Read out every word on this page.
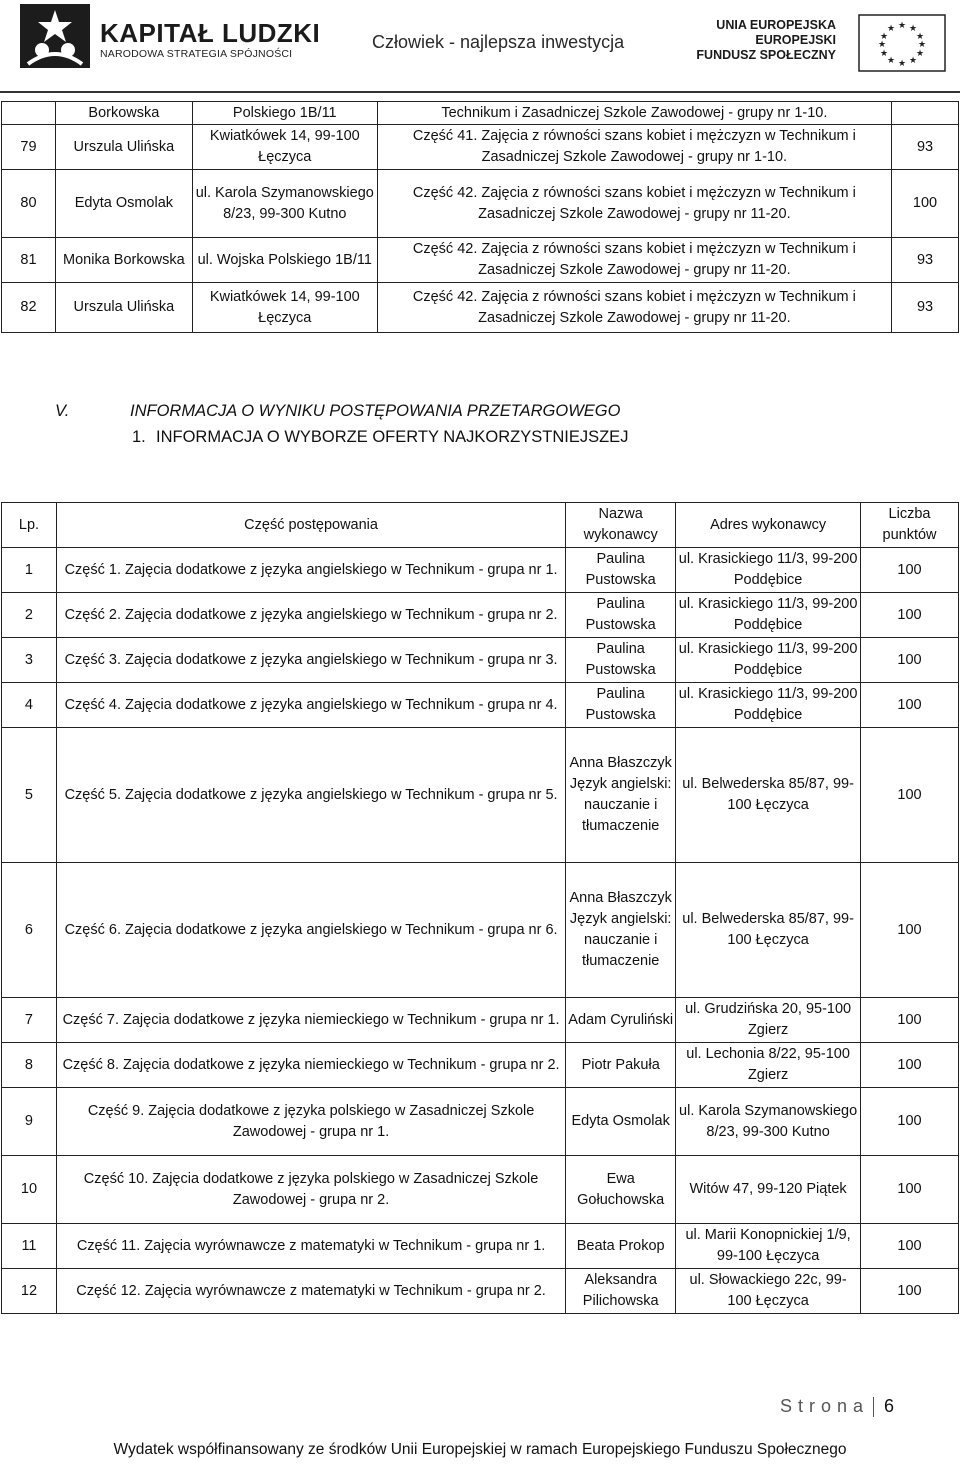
KAPITAŁ LUDZKI
NARODOWA STRATEGIA SPÓJNOŚCI
Człowiek - najlepsza inwestycja
UNIA EUROPEJSKA
EUROPEJSKI
FUNDUSZ SPOŁECZNY
★ ★
★
★
★
★
★
★
★
★
★
★
	Borkowska	Polskiego 1B/11	Technikum i Zasadniczej Szkole Zawodowej - grupy nr 1-10.	
79	Urszula Ulińska	Kwiatkówek 14, 99-100 Łęczyca	Część 41. Zajęcia z równości szans kobiet i mężczyzn w Technikum i Zasadniczej Szkole Zawodowej - grupy nr 1-10.	93
80	Edyta Osmolak	ul. Karola Szymanowskiego 8/23, 99-300 Kutno	Część 42. Zajęcia z równości szans kobiet i mężczyzn w Technikum i Zasadniczej Szkole Zawodowej - grupy nr 11-20.	100
81	Monika Borkowska	ul. Wojska Polskiego 1B/11	Część 42. Zajęcia z równości szans kobiet i mężczyzn w Technikum i Zasadniczej Szkole Zawodowej - grupy nr 11-20.	93
82	Urszula Ulińska	Kwiatkówek 14, 99-100 Łęczyca	Część 42. Zajęcia z równości szans kobiet i mężczyzn w Technikum i Zasadniczej Szkole Zawodowej - grupy nr 11-20.	93
V.	INFORMACJA O WYNIKU POSTĘPOWANIA PRZETARGOWEGO
1. INFORMACJA O WYBORZE OFERTY NAJKORZYSTNIEJSZEJ
Lp.	Część postępowania	Nazwa wykonawcy	Adres wykonawcy	Liczba punktów
1	Część 1. Zajęcia dodatkowe z języka angielskiego w Technikum - grupa nr 1.	Paulina Pustowska	ul. Krasickiego 11/3, 99-200 Poddębice	100
2	Część 2. Zajęcia dodatkowe z języka angielskiego w Technikum - grupa nr 2.	Paulina Pustowska	ul. Krasickiego 11/3, 99-200 Poddębice	100
3	Część 3. Zajęcia dodatkowe z języka angielskiego w Technikum - grupa nr 3.	Paulina Pustowska	ul. Krasickiego 11/3, 99-200 Poddębice	100
4	Część 4. Zajęcia dodatkowe z języka angielskiego w Technikum - grupa nr 4.	Paulina Pustowska	ul. Krasickiego 11/3, 99-200 Poddębice	100
5	Część 5. Zajęcia dodatkowe z języka angielskiego w Technikum - grupa nr 5.	Anna Błaszczyk Język angielski: nauczanie i tłumaczenie	ul. Belwederska 85/87, 99-100 Łęczyca	100
6	Część 6. Zajęcia dodatkowe z języka angielskiego w Technikum - grupa nr 6.	Anna Błaszczyk Język angielski: nauczanie i tłumaczenie	ul. Belwederska 85/87, 99-100 Łęczyca	100
7	Część 7. Zajęcia dodatkowe z języka niemieckiego w Technikum - grupa nr 1.	Adam Cyruliński	ul. Grudzińska 20, 95-100 Zgierz	100
8	Część 8. Zajęcia dodatkowe z języka niemieckiego w Technikum - grupa nr 2.	Piotr Pakuła	ul. Lechonia 8/22, 95-100 Zgierz	100
9	Część 9. Zajęcia dodatkowe z języka polskiego w Zasadniczej Szkole Zawodowej - grupa nr 1.	Edyta Osmolak	ul. Karola Szymanowskiego 8/23, 99-300 Kutno	100
10	Część 10. Zajęcia dodatkowe z języka polskiego w Zasadniczej Szkole Zawodowej - grupa nr 2.	Ewa Gołuchowska	Witów 47, 99-120 Piątek	100
11	Część 11. Zajęcia wyrównawcze z matematyki w Technikum - grupa nr 1.	Beata Prokop	ul. Marii Konopnickiej 1/9, 99-100 Łęczyca	100
12	Część 12. Zajęcia wyrównawcze z matematyki w Technikum - grupa nr 2.	Aleksandra Pilichowska	ul. Słowackiego 22c, 99-100 Łęczyca	100
Strona 6
Wydatek współfinansowany ze środków Unii Europejskiej w ramach Europejskiego Funduszu Społecznego
